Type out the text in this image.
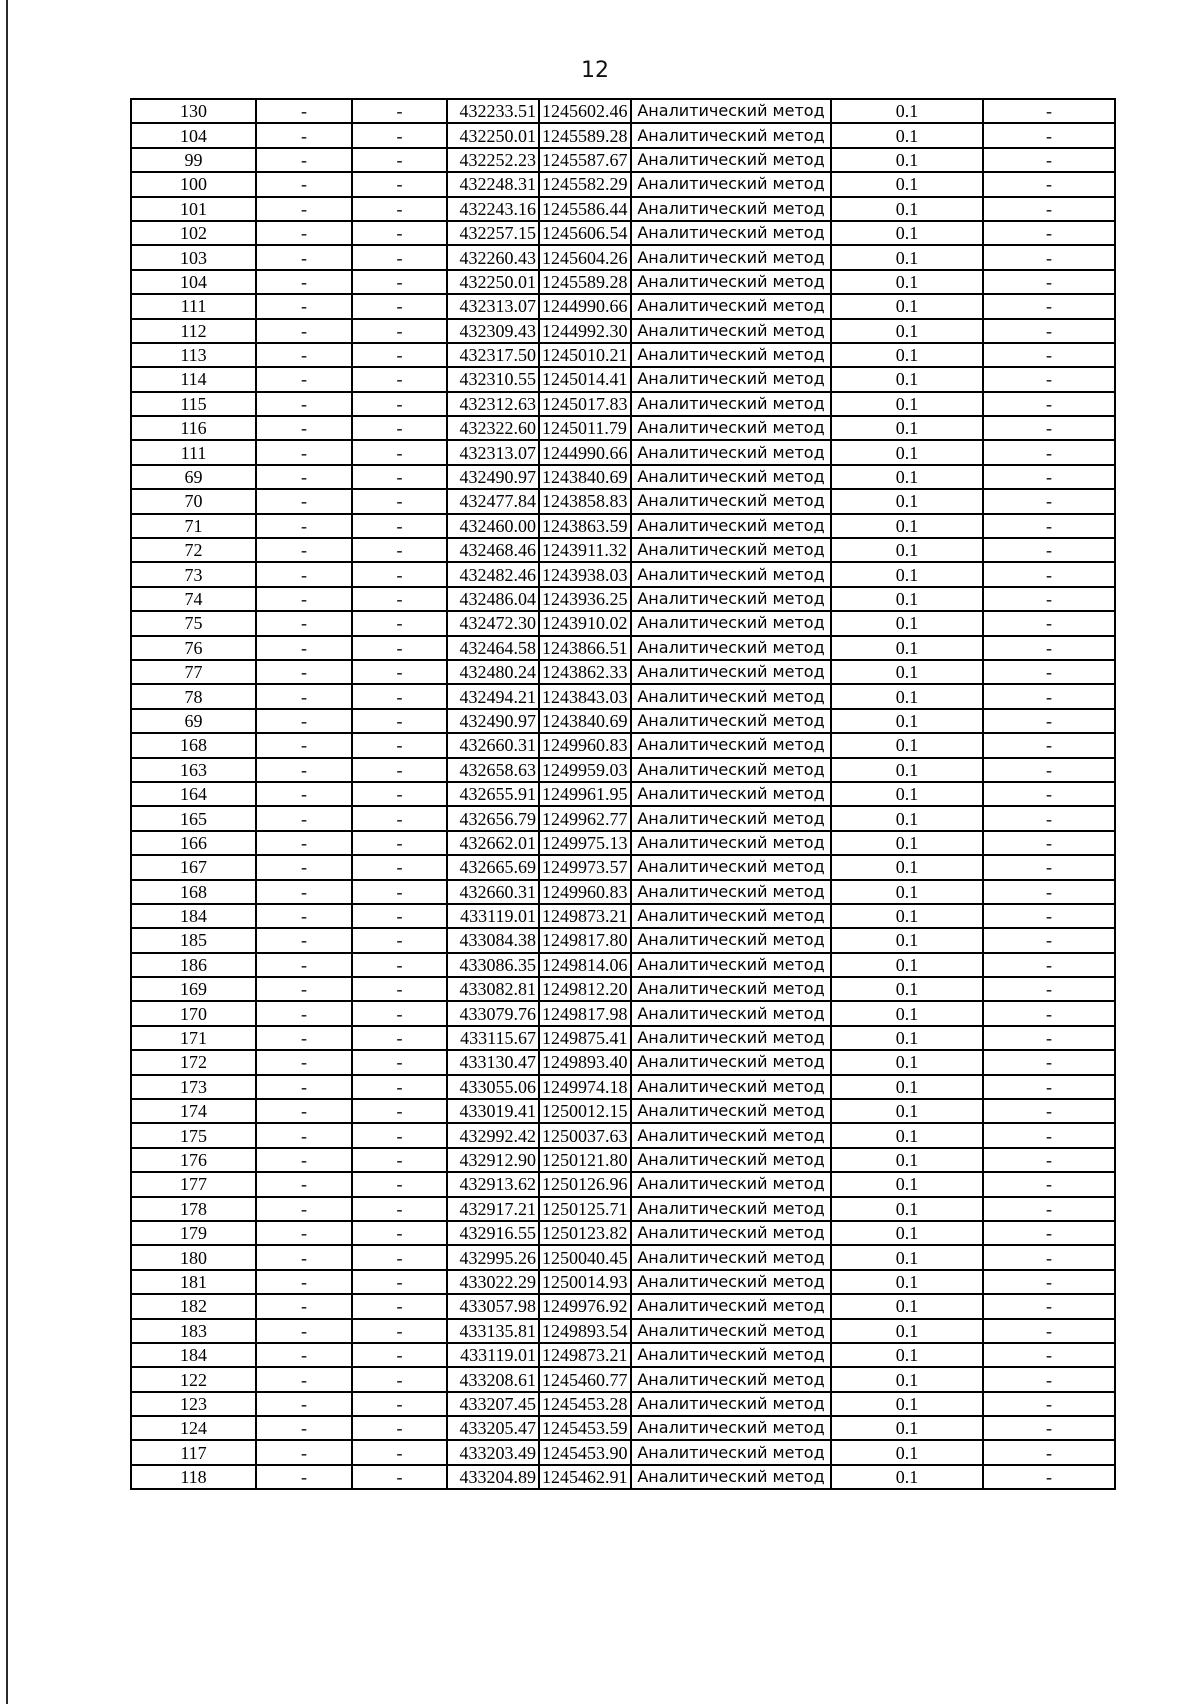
12
130	-	-	432233.51	1245602.46	Аналитический метод	0.1	-
104	-	-	432250.01	1245589.28	Аналитический метод	0.1	-
99	-	-	432252.23	1245587.67	Аналитический метод	0.1	-
100	-	-	432248.31	1245582.29	Аналитический метод	0.1	-
101	-	-	432243.16	1245586.44	Аналитический метод	0.1	-
102	-	-	432257.15	1245606.54	Аналитический метод	0.1	-
103	-	-	432260.43	1245604.26	Аналитический метод	0.1	-
104	-	-	432250.01	1245589.28	Аналитический метод	0.1	-
111	-	-	432313.07	1244990.66	Аналитический метод	0.1	-
112	-	-	432309.43	1244992.30	Аналитический метод	0.1	-
113	-	-	432317.50	1245010.21	Аналитический метод	0.1	-
114	-	-	432310.55	1245014.41	Аналитический метод	0.1	-
115	-	-	432312.63	1245017.83	Аналитический метод	0.1	-
116	-	-	432322.60	1245011.79	Аналитический метод	0.1	-
111	-	-	432313.07	1244990.66	Аналитический метод	0.1	-
69	-	-	432490.97	1243840.69	Аналитический метод	0.1	-
70	-	-	432477.84	1243858.83	Аналитический метод	0.1	-
71	-	-	432460.00	1243863.59	Аналитический метод	0.1	-
72	-	-	432468.46	1243911.32	Аналитический метод	0.1	-
73	-	-	432482.46	1243938.03	Аналитический метод	0.1	-
74	-	-	432486.04	1243936.25	Аналитический метод	0.1	-
75	-	-	432472.30	1243910.02	Аналитический метод	0.1	-
76	-	-	432464.58	1243866.51	Аналитический метод	0.1	-
77	-	-	432480.24	1243862.33	Аналитический метод	0.1	-
78	-	-	432494.21	1243843.03	Аналитический метод	0.1	-
69	-	-	432490.97	1243840.69	Аналитический метод	0.1	-
168	-	-	432660.31	1249960.83	Аналитический метод	0.1	-
163	-	-	432658.63	1249959.03	Аналитический метод	0.1	-
164	-	-	432655.91	1249961.95	Аналитический метод	0.1	-
165	-	-	432656.79	1249962.77	Аналитический метод	0.1	-
166	-	-	432662.01	1249975.13	Аналитический метод	0.1	-
167	-	-	432665.69	1249973.57	Аналитический метод	0.1	-
168	-	-	432660.31	1249960.83	Аналитический метод	0.1	-
184	-	-	433119.01	1249873.21	Аналитический метод	0.1	-
185	-	-	433084.38	1249817.80	Аналитический метод	0.1	-
186	-	-	433086.35	1249814.06	Аналитический метод	0.1	-
169	-	-	433082.81	1249812.20	Аналитический метод	0.1	-
170	-	-	433079.76	1249817.98	Аналитический метод	0.1	-
171	-	-	433115.67	1249875.41	Аналитический метод	0.1	-
172	-	-	433130.47	1249893.40	Аналитический метод	0.1	-
173	-	-	433055.06	1249974.18	Аналитический метод	0.1	-
174	-	-	433019.41	1250012.15	Аналитический метод	0.1	-
175	-	-	432992.42	1250037.63	Аналитический метод	0.1	-
176	-	-	432912.90	1250121.80	Аналитический метод	0.1	-
177	-	-	432913.62	1250126.96	Аналитический метод	0.1	-
178	-	-	432917.21	1250125.71	Аналитический метод	0.1	-
179	-	-	432916.55	1250123.82	Аналитический метод	0.1	-
180	-	-	432995.26	1250040.45	Аналитический метод	0.1	-
181	-	-	433022.29	1250014.93	Аналитический метод	0.1	-
182	-	-	433057.98	1249976.92	Аналитический метод	0.1	-
183	-	-	433135.81	1249893.54	Аналитический метод	0.1	-
184	-	-	433119.01	1249873.21	Аналитический метод	0.1	-
122	-	-	433208.61	1245460.77	Аналитический метод	0.1	-
123	-	-	433207.45	1245453.28	Аналитический метод	0.1	-
124	-	-	433205.47	1245453.59	Аналитический метод	0.1	-
117	-	-	433203.49	1245453.90	Аналитический метод	0.1	-
118	-	-	433204.89	1245462.91	Аналитический метод	0.1	-
